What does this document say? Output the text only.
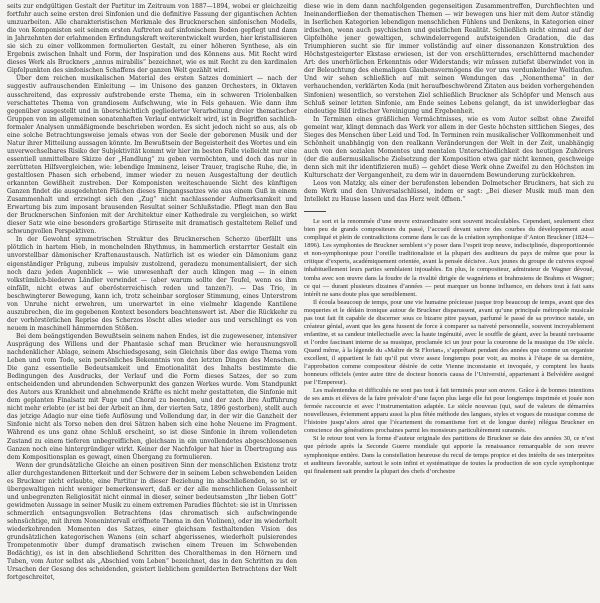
seits zur endgültigen Gestalt der Partitur im Zeitraum von 1887—1894, wobei er gleichzeitig fortfuhr auch seine ersten drei Sinfonien und die definitive Fassung der gigantischen Achten umzuarbeiten. Alle charakteristischen Merkmale des Brucknerschen sinfonischen Modells, die von Komponisten seit seinem ersten Auftreten auf sinfonischem Boden gepflegt und dann in Jahrzehnten der erlahmenden Erfindungskraft weiterentwickelt wurden, hier kristallisieren sie sich zu einer vollkommen formulierten Gestalt, zu einer höheren Synthese, als ein Ergebnis zwischen Inhalt und Form, der Inspiration und des Könnens aus. Mit Recht wird dieses Werk als Bruckners „annus mirabilis“ bezeichnet, wie es mit Recht zu den kardinalen Gipfelpunkten des sinfonischen Schaffens der ganzen Welt gezählt wird.

Über dem reichen musikalischen Material des ersten Satzes dominiert — nach der suggestiv aufrauschenden Einleitung — im Unisono des ganzen Orchesters, in Oktaven ausschreitend, das expressiv aufstrebende erste Thema, ein in schweren Triolenbalken verschattetes Thema von grandiosem Aufschwung, wie in Fels gehauen. Wie dann ihm gegenüber ausgestellt und in überschichtlich gegliederter Verarbeitung dreier thematischer Gruppen von im allgemeinen sonatenhaften Verlauf entwickelt wird, ist in Begriffen sachlich-formaler Analysen unmäßigmende beschrieben worden. Es sicht jedoch nicht so aus, als ob eine solche Betrachtungsweise jemals etwas von der Seele der geborenen Musik und der Natur ihrer Mitteilung aussagen könnte. Im Bewußtsein der Begeisterheit des Wortes und ein unverwechselbares Risiko der Subjektivität kommt wir hier im besten Falle vielleicht nur eine essentiell unmittelbare Skizze der „Handlung“ zu geben vermöchten, und doch das nur in zerrütteten Hilfsvergleichen, wie: lebendige Imminenz, leiser Trauer, tragische Ruhe, die, in gestaltlosen Phasen sich erhebend, immer wieder zu neuen Ausgestaltung der deutlich erkannten Gewißheit zustreben. Der Komponisten weiteschauende Sicht des künftigen Ganzen findet die ausgedehnten Flächen dieses Eingangssatzes wie aus einem Guß in einem Zusammenhalt und erzwingt sich den „Zug“ nicht nachlassender Aufmerksamkeit und Erwartung bis zum imposant brausenden Resultat seiner Schlußstadie. Pflegt man den Bau der Brucknerschen Sinfonien mit der Architektur einer Kathedrale zu vergleichen, so wirkt dieser Satz wie eine besonders großartige Stirnseite mit dramatisch gestaltetem Relief und schwungvollen Perspektiven.

In der Gewohnt symmetrischen Struktur des Brucknerschen Scherzo überfällt uns plötzlich in hartem Hieb, in monchelnden Rhythmus, in hammerlich erstarrter Gestalt ein unvorstellbar dämonischer Kraftenaustausch. Natürlich ist es wieder ein Dämonium ganz eigenständiger Prägung, zubeus impulsiv zustolzend, geradezu monumentalisiert, der sich noch dazu jeden Augenblick — wie unwesenhaft der auch klingen mag — in einen volkstümlich-biederen Ländler verwindet — (aber warum sollte der Teufel, wenn es ihm einfällt, nicht etwas auf oberösterreichisch reden und tanzen?). — Das Trio, in beschwingterer Bewegung, kann ich, trotz scheinbar sorgloser Stimmung, eines Unterstrom von Unruhe nicht erwehren, um unerwartet in eine vielmehr klagende Kantilene auszubrechen, die im gegebenen Kontext besonders beachtenswert ist. Aber die Rückkehr zu der vorhörstörlichen Reprise des Scherzos löscht alles wieder aus und verschlingt es von neuem in maschinell hämmernden Stößen.

Bei dem beängstigenden Bewußtsein seinem nahen Endes, ist die zugewesener, intensiver Ausprägung des Willens und der Phantasie schaf man Bruckner wie herausnungsvoll nachdenklicher Ablage, seinem Abschiedsgesang, sein Gleichnis über das ewige Thema vom Leben und vom Tode, sein persönliches Bekenntnis von den letzten Dingen des Menschen. Die ganz essentielle Bedeutsamkeit und Emotionalität des Inhalts bestimmte die Bedingungen des Ausdrucks, der Verlauf und die Form dieses Satzes, der so zum entscheidenden und abrundenden Schwerpunkt des ganzen Werkes wurde. Vom Standpunkt des Autors aus Krankheit und abnehmende Kräfte es nicht mehr gestatteten, die Sinfonie mit dem geplanten Finalsatz mit Fuge und Choral zu beenden, und der zach ihre Aufführung nicht mehr erlebte (er ist bei der Arbeit an ihm, der vierten Satz, 1896 gestorben), stellt auch das jetzige Adagio nur eine tiefe Auflösung und Vollendung dar, in der wir die Ganzheit der Sinfonie nicht als Torso neben den drei Sätzen haben sich eine hohe Neuene im Fragment. Während es uns ganz ohne Schluß erscheint, so ist diese Sinfonie in ihrem vollendeten Zustand zu einem tieferen unbegreiflichen, gleichsam in ein unvollendetes abgeschlossenen Ganzen noch eine hintergründiger wirkt. Keiner der Nachfolger hat hier in Übertragung aus dem Kompositionsplan es gewagt, einen Übergang zu formulieren.

Wenn der grundsätzliche Gleiche an einen positiven Sinn der menschlichen Existenz trotz aller durchgestandenen Bitterkeit und der Schwere der in seinem Leben schwebenden Leiden es Bruckner nicht erlaubte, eine Partitur in dieser Beziehung im abschließenden, so ist er übergewaltigen nicht weniger bemerkenswert, daß er der alle menschlichen Gelassenheit und unbegrenzten Religiosität nicht einmal in dieser, seiner bedeutsamsten „Ihr lieben Gott“ gewidmeten Aussage in seiner Musik zu einem extremen Paradies flüchtet: sie ist in Umrissen schmerzlich entsagungsvollen Betrachtens (das chromatisch sich aufschwingende sehnsüchtige, mit ihrem Nonenintervall eröffnete Thema in den Violinen), oder im wiederholt wiederkehrenden Momenten des Satzes, einer gleichsam festhaltenden Vision des grundsätzlichen kategorischen Wanens (ein scharf abgerissenes, wiederholt pulsierendes Trompetenmotiv über dumpf dramatisch zwischen einem Treuen im Schwebenden Bedächtig), es ist in den abschließend Schritten des Choralthemas in den Hörnern und Tuben, vom Autor selbst als „Abschied vom Leben“ bezeichnet, das in den Schritten zu den Ursachen der Gesang des scheidenden, geistert lieblichem gemilderten Betrachtens der Welt fortgeschreitet,

diese wie in dem dann nachfolgenden gegenseitigen Zusammentreffen, Durchflechten und Ineinanderfließen der thematischen Themen — wir bewegen uns hier mit dem Autor ständig in Iserlichen Kategorien lebendigen menschlichen Fühlens und Denkens, in Kategorien einer irdischen, wenn auch psychischen und geistlichen Realität. Schließlich nicht einmal auf der Gipfelhöhe jener gewaltigen, schwindelerregend aufsteigenden Gradation, die das Triumphieren sucht sie für immer vollständig auf einer dissonanzen Konstruktion des Höchstgesteigerter Ekstase erwiesen, ist der von erschütterndes, erschütternd machender Art: des unerhörlichen Erkenntnis oder Widerstands; wir müssen zutiefst überwindet von in der Beleuchtung des ehemaligen Glaubensvermögens die vor uns verdunkelnder Weltlaufen. Und wir sehen schließlich auf mit seinen Wendungen das „Nonenthema“ in der verhauchenden, verklärten Koda (mit heraufbeschwörend Zitaten aus beiden vorhergehenden Sinfonien) wesentlich, so verstehen Ziel schließlich Bruckner als Schöpfer und Mensch aus Schluß seiner letzten Sinfonie, am Ende seines Lebens gelangt, da ist unwiderlegbar das eindeutige Bild irdischer Vereinigung und Ergebenheit.

In Terminen eines gräßlichen Vermächtnisses, wie es vom Autor selbst ohne Zweifel gemeint war, klingt demnach das Werk vor allem in der Geste höchsten sittlichen Sieges, des Sieges des Menschen über Leid und Tod. In Terminen rein musikalischer Vollkommenheit und Schönheit unabhängig von den realkann Veränderungen der Welt in der Zeit, unabhängig auch von den sozialen Momentes und mentalen Unterschiedlichkeit des heutigen Zuhörers (der die außermusikalische Zielsetzung der Komposition etwa gar nicht kennen, geschweige denn sich mit ihr identifizieren muß) — gehört diese Werk ohne Zweifel zu den Höchsten im Kulturschatz der Vergangenheit, zu dem wir in dauerndem Bewunderung zurückkehren.

Leos von Matzky, als einer der berufensten lebenden Dolmetscher Bruckners, hat sich zu dem Werk und den Universalschlüssel, indem er sagt: „Bei dieser Musik muß man den Intellekt zu Hause lassen und das Herz weit öffnen.“

Le sort et la renommée d’une œuvre extraordinaire sont souvent incalculables. Cependant, seulement chez bien peu de grands compositeurs du passé, l’accueil devant suivre des courbes du développement aussi compliqué et plein de contradictions comme dans le cas de la création symphonique d’Anton Bruckner (1824—1896). Les symphonies de Bruckner semblent s’y poser dans l’esprit trop neuve, indisciplinée, disproportionnée et non-symphonique pour l’oreille traditionaliste et la plupart des auditeurs du pays de même que pour la critique d’experts, académiquement orientée, avant la pensée décisive. Aux jeunes du groupe de cuivres exposé inhabituellement leurs parties semblaient injouables. En plus, le compositeur, admirateur de Wagner dévoué, tomba avec son œuvre dans la foudre de la rivalité dirigée de wagnériens et brahmsiens de Brahms et Wagner; ce qui — durant plusieurs dizaines d’années — peut marquer un bonne influence, en dehors tout à fait sans intérêt ne sans doute plus que sensiblement.

Il écoula beaucoup de temps, pour une vie humaine précieuse jusque trop beaucoup de temps, avant que des moqueries et le dédain ironique autour de Bruckner disparussent, avant qu’une principale métropole musicale pas tout fait fit capable de discerner sous ce bizarre pitre paysan, parfumé le passé de sa province natale, un créateur génial, avant que les gens fussent de force à comparer sa naiveté personnelle, souvent incroyablement enfantine, et sa candeur intellectuelle avec la haute ingénuité, avec le souffle de géant, avec la beauté ravissante et l’ordre fascinant interne de sa musique, proclamée ici un jour pour la couronne de la musique du 19e siècle. Quand même, à la légende du «Maître de St Florian», s’apprêtant pendant des années que comme un organiste excellent, il appartient le fait qu’il put vivre assez longtemps pour voir, au moins à l’étape de sa dernière, l’approbation comme compositeur désirée de cette Vienne inconstante et invoquée, y comptent les hauts honneurs officiels (entre autre titre de docteur honoris causa de l’Université, appartenant à Belvédère assigné par l’Empereur).

Les malentendus et difficultés ne sont pas tout à fait terminés pour son œuvre. Grâce à de bonnes intentions de ses amis et élèves de la faire prévaloir d’une façon plus large elle fut pour longtemps imprimée et jouée non fermée raccourcie et avec l’instrumentation adaptée. Le siècle nouveau (qui, sauf de valeurs de démarrées nouvelleuses, éviemment apparu aussi la plus fêtée méthode des langues, styles et vogues de musique comme de l’histoire jusqu’alors ainsi que l’écartement du romantisme fort et de longue durée) rélégua Bruckner en conscience des générations prochaines parmi les monsieurs particulièrement surannés.

Si le retour tout vers la forme d’auteur originale des partitions de Bruckner se date des années 30, ce n’est que période après la Seconde Guerre mondiale qui apporte la renaissance remarquable de son œuvre symphonique entière. Dans la constellation heureuse du recul de temps propice et des intérêts de ses interprètes et auditeurs favorable, surtout le soin infini et systématique de toutes la production de son cycle symphonique qui finalement sait prendre la plupart des chefs d’orchestre
